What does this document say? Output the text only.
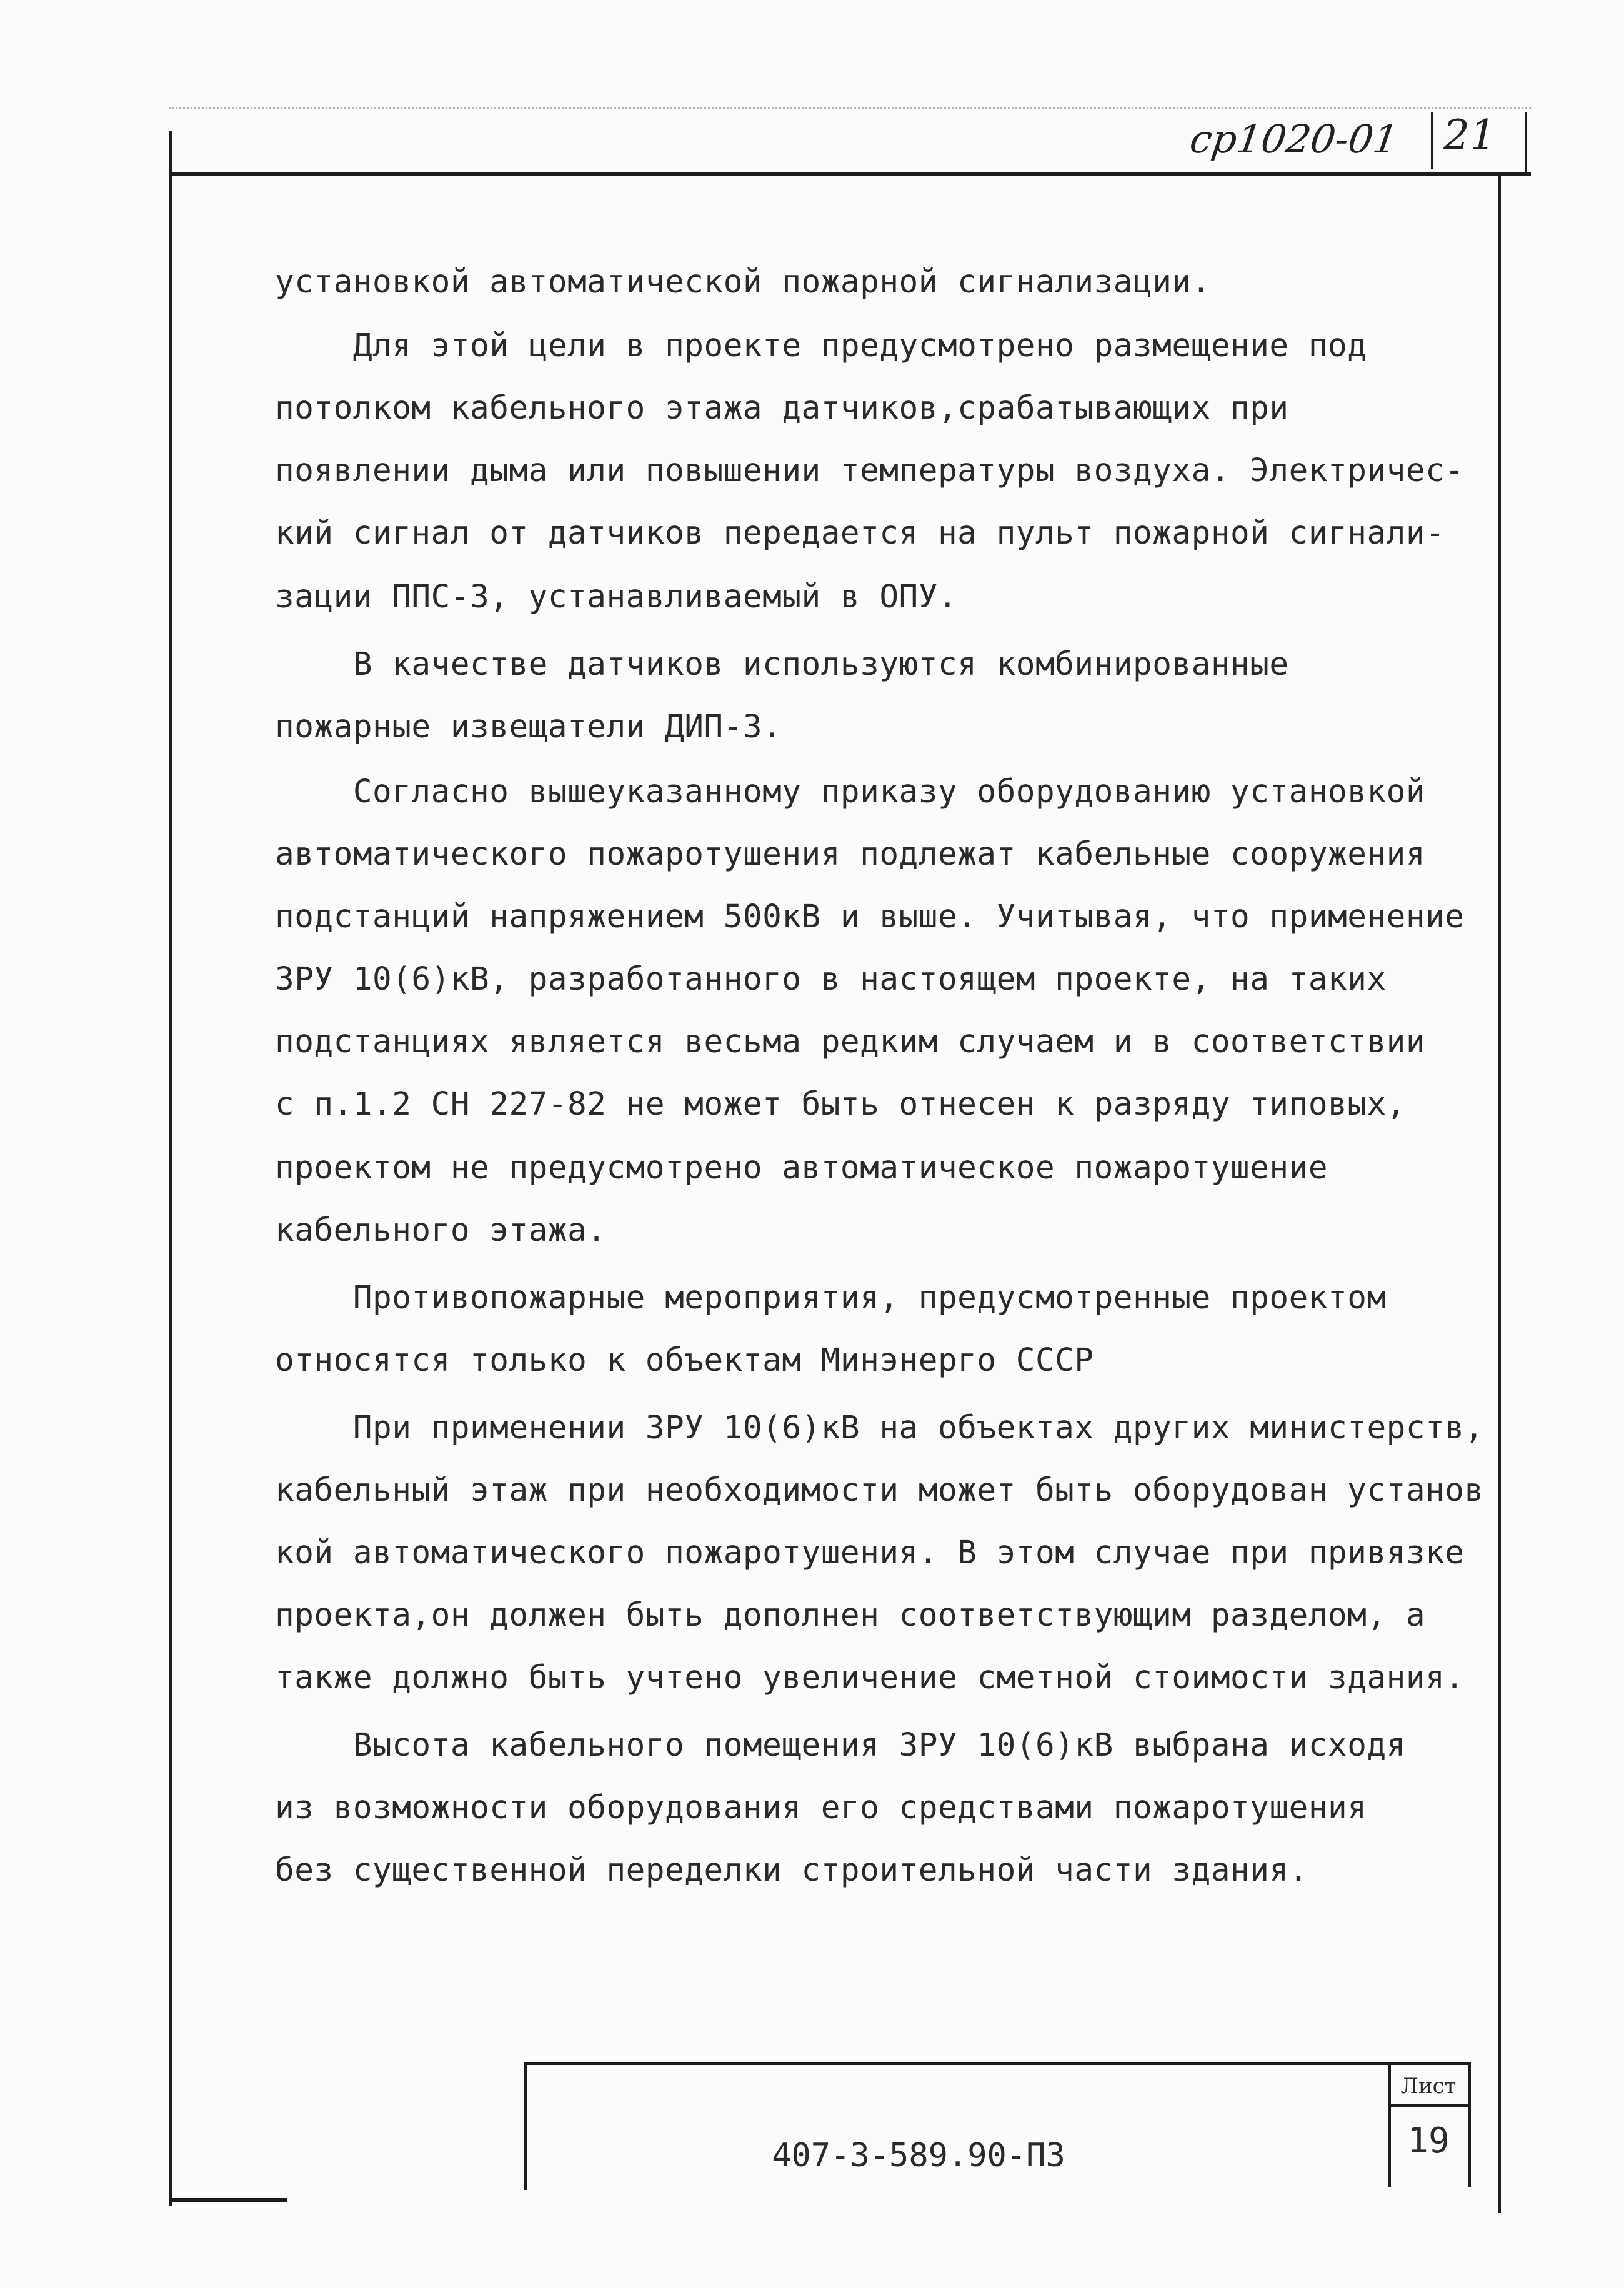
ср1020-01 21
установкой автоматической пожарной сигнализации.
Для этой цели в проекте предусмотрено размещение под
потолком кабельного этажа датчиков,срабатывающих при
появлении дыма или повышении температуры воздуха. Электричес-
кий сигнал от датчиков передается на пульт пожарной сигнали-
зации ППС-3, устанавливаемый в ОПУ.
В качестве датчиков используются комбинированные
пожарные извещатели ДИП-3.
Согласно вышеуказанному приказу оборудованию установкой
автоматического пожаротушения подлежат кабельные сооружения
подстанций напряжением 500кВ и выше. Учитывая, что применение
ЗРУ 10(6)кВ, разработанного в настоящем проекте, на таких
подстанциях является весьма редким случаем и в соответствии
с п.1.2 СН 227-82 не может быть отнесен к разряду типовых,
проектом не предусмотрено автоматическое пожаротушение
кабельного этажа.
Противопожарные мероприятия, предусмотренные проектом
относятся только к объектам Минэнерго СССР
При применении ЗРУ 10(6)кВ на объектах других министерств,
кабельный этаж при необходимости может быть оборудован установ
кой автоматического пожаротушения. В этом случае при привязке
проекта,он должен быть дополнен соответствующим разделом, а
также должно быть учтено увеличение сметной стоимости здания.
Высота кабельного помещения ЗРУ 10(6)кВ выбрана исходя
из возможности оборудования его средствами пожаротушения
без существенной переделки строительной части здания.
407-3-589.90-ПЗ
Лист
19
